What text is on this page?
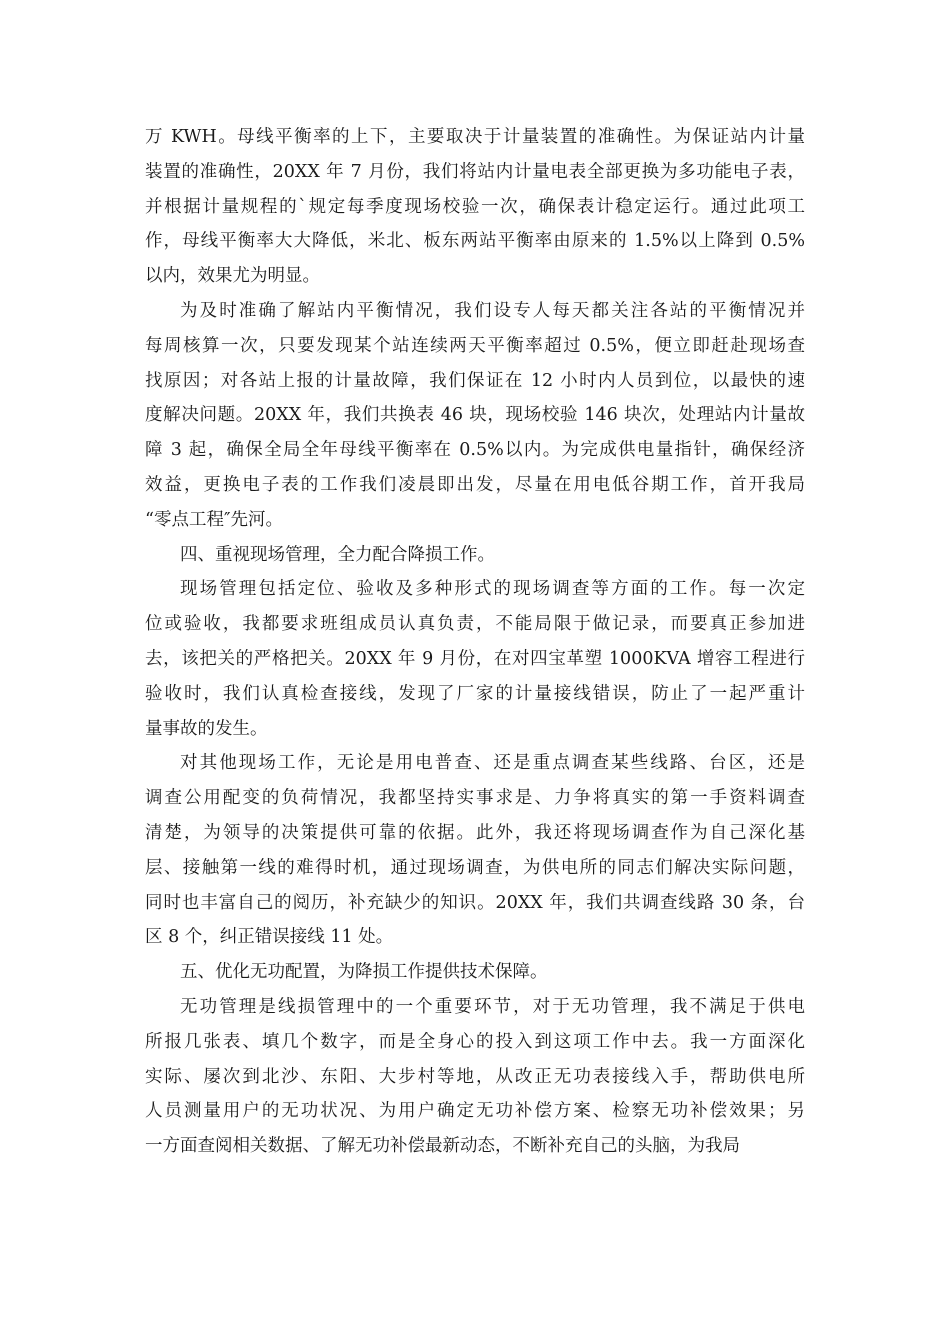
万 KWH。母线平衡率的上下，主要取决于计量装置的准确性。为保证站内计量
装置的准确性，20XX 年 7 月份，我们将站内计量电表全部更换为多功能电子表，
并根据计量规程的`规定每季度现场校验一次，确保表计稳定运行。通过此项工
作，母线平衡率大大降低，米北、板东两站平衡率由原来的 1.5%以上降到 0.5%
以内，效果尤为明显。

为及时准确了解站内平衡情况，我们设专人每天都关注各站的平衡情况并
每周核算一次，只要发现某个站连续两天平衡率超过 0.5%，便立即赶赴现场查
找原因；对各站上报的计量故障，我们保证在 12 小时内人员到位，以最快的速
度解决问题。20XX 年，我们共换表 46 块，现场校验 146 块次，处理站内计量故
障 3 起，确保全局全年母线平衡率在 0.5%以内。为完成供电量指针，确保经济
效益，更换电子表的工作我们凌晨即出发，尽量在用电低谷期工作，首开我局
“零点工程″先河。

四、重视现场管理，全力配合降损工作。

现场管理包括定位、验收及多种形式的现场调查等方面的工作。每一次定
位或验收，我都要求班组成员认真负责，不能局限于做记录，而要真正参加进
去，该把关的严格把关。20XX 年 9 月份，在对四宝革塑 1000KVA 增容工程进行
验收时，我们认真检查接线，发现了厂家的计量接线错误，防止了一起严重计
量事故的发生。

对其他现场工作，无论是用电普查、还是重点调查某些线路、台区，还是
调查公用配变的负荷情况，我都坚持实事求是、力争将真实的第一手资料调查
清楚，为领导的决策提供可靠的依据。此外，我还将现场调查作为自己深化基
层、接触第一线的难得时机，通过现场调查，为供电所的同志们解决实际问题，
同时也丰富自己的阅历，补充缺少的知识。20XX 年，我们共调查线路 30 条，台
区 8 个，纠正错误接线 11 处。

五、优化无功配置，为降损工作提供技术保障。

无功管理是线损管理中的一个重要环节，对于无功管理，我不满足于供电
所报几张表、填几个数字，而是全身心的投入到这项工作中去。我一方面深化
实际、屡次到北沙、东阳、大步村等地，从改正无功表接线入手，帮助供电所
人员测量用户的无功状况、为用户确定无功补偿方案、检察无功补偿效果；另
一方面查阅相关数据、了解无功补偿最新动态，不断补充自己的头脑，为我局
